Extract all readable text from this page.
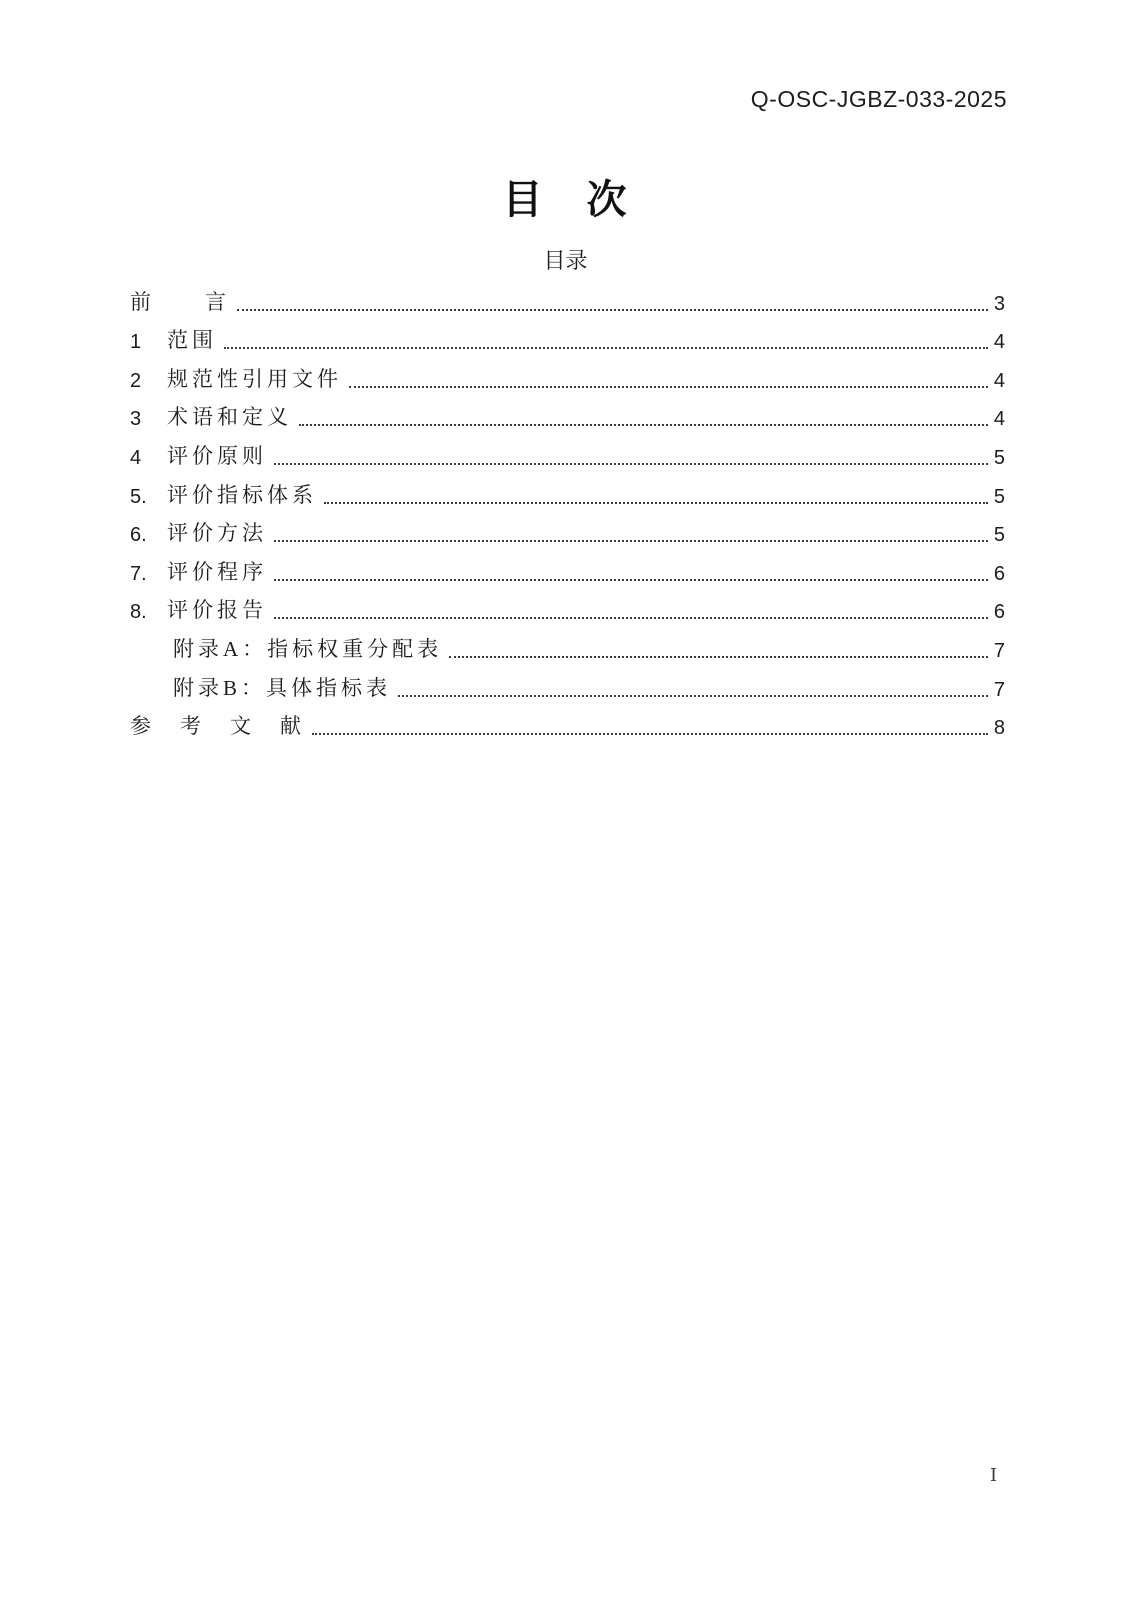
Q-OSC-JGBZ-033-2025
目　次
目录
前　　言	3
1	范围	4
2	规范性引用文件	4
3	术语和定义	4
4	评价原则	5
5. 评价指标体系	5
6. 评价方法	5
7. 评价程序	6
8. 评价报告	6
附录A：指标权重分配表	7
附录B：具体指标表	7
参　考　文　献	8
I
